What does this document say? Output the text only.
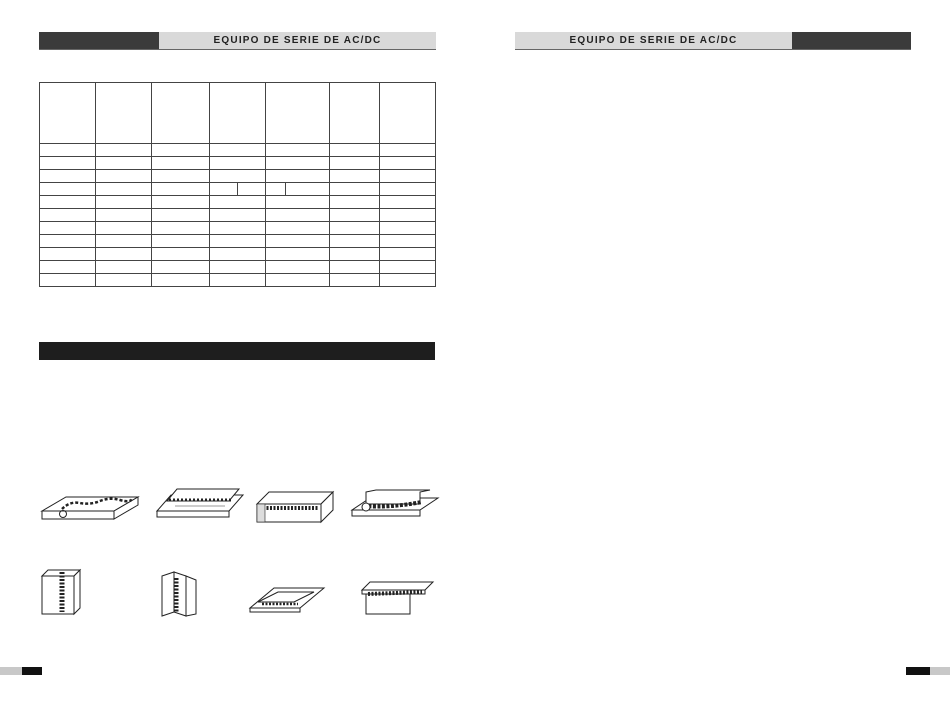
EQUIPO DE SERIE DE AC/DC	EQUIPO DE SERIE DE AC/DC
